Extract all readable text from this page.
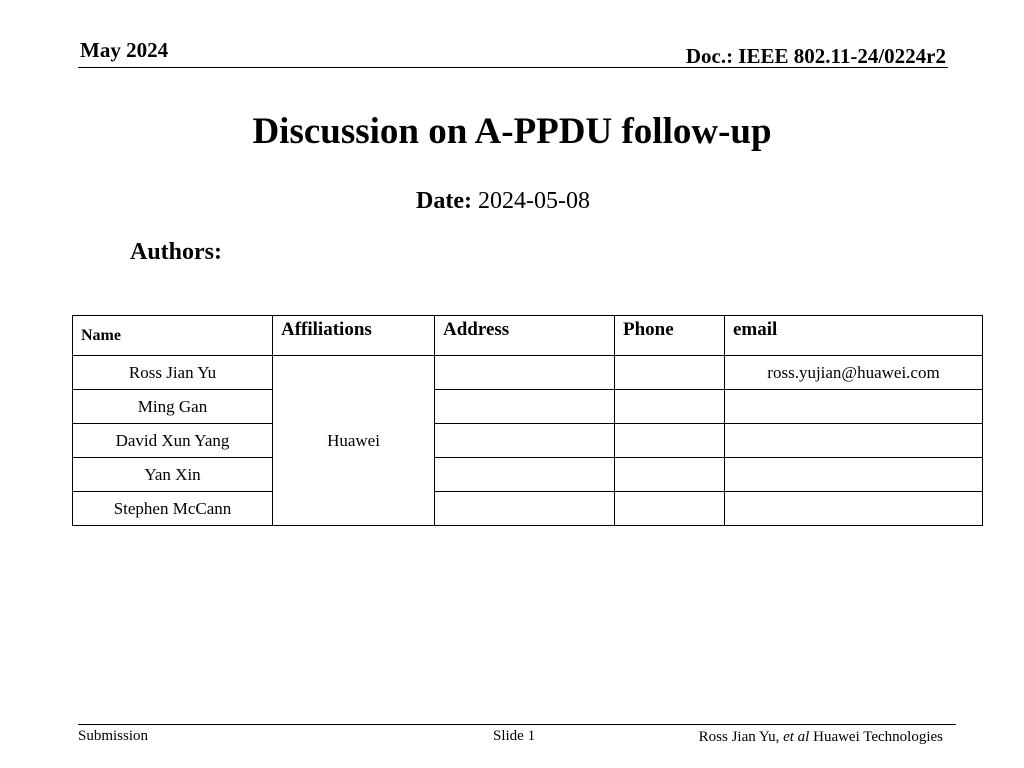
May 2024	Doc.: IEEE 802.11-24/0224r2
Discussion on A-PPDU follow-up
Date: 2024-05-08
Authors:
Name	Affiliations	Address	Phone	email
Ross Jian Yu	Huawei			ross.yujian@huawei.com
Ming Gan				
David Xun Yang				
Yan Xin				
Stephen McCann				
Submission	Slide 1	Ross Jian Yu, et al Huawei Technologies
